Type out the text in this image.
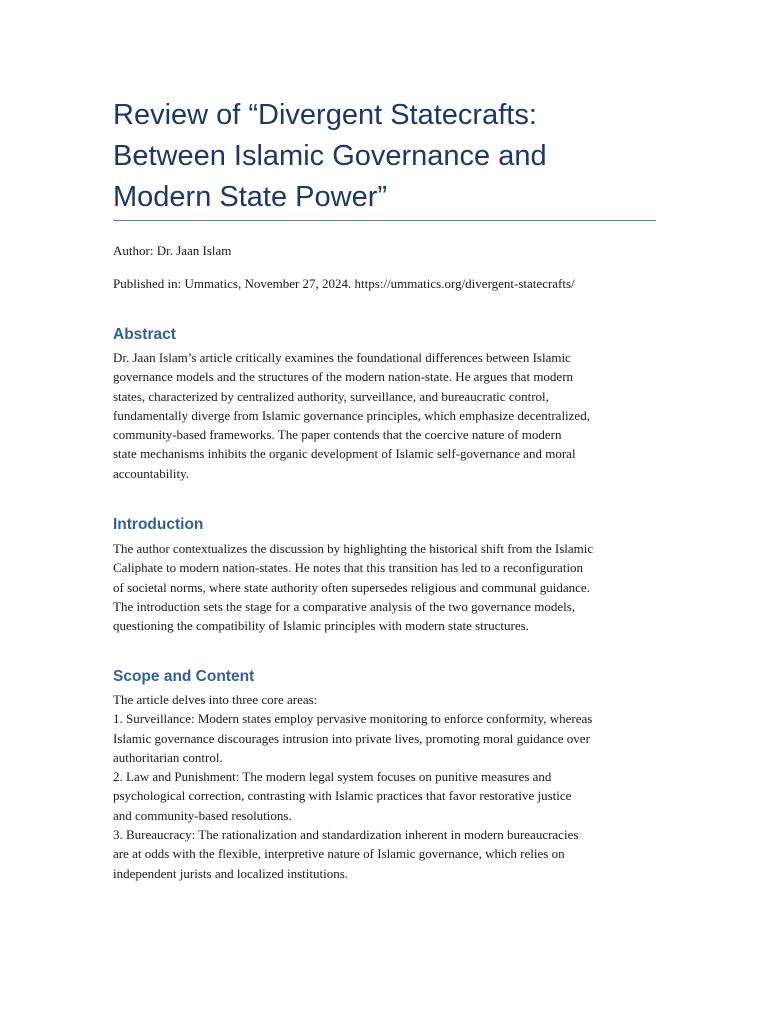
Review of “Divergent Statecrafts:
Between Islamic Governance and
Modern State Power”

Author: Dr. Jaan Islam

Published in: Ummatics, November 27, 2024. https://ummatics.org/divergent-statecrafts/

Abstract
Dr. Jaan Islam’s article critically examines the foundational differences between Islamic
governance models and the structures of the modern nation-state. He argues that modern
states, characterized by centralized authority, surveillance, and bureaucratic control,
fundamentally diverge from Islamic governance principles, which emphasize decentralized,
community-based frameworks. The paper contends that the coercive nature of modern
state mechanisms inhibits the organic development of Islamic self-governance and moral
accountability.
Introduction
The author contextualizes the discussion by highlighting the historical shift from the Islamic
Caliphate to modern nation-states. He notes that this transition has led to a reconfiguration
of societal norms, where state authority often supersedes religious and communal guidance.
The introduction sets the stage for a comparative analysis of the two governance models,
questioning the compatibility of Islamic principles with modern state structures.
Scope and Content
The article delves into three core areas:
1. Surveillance: Modern states employ pervasive monitoring to enforce conformity, whereas
Islamic governance discourages intrusion into private lives, promoting moral guidance over
authoritarian control.
2. Law and Punishment: The modern legal system focuses on punitive measures and
psychological correction, contrasting with Islamic practices that favor restorative justice
and community-based resolutions.
3. Bureaucracy: The rationalization and standardization inherent in modern bureaucracies
are at odds with the flexible, interpretive nature of Islamic governance, which relies on
independent jurists and localized institutions.
